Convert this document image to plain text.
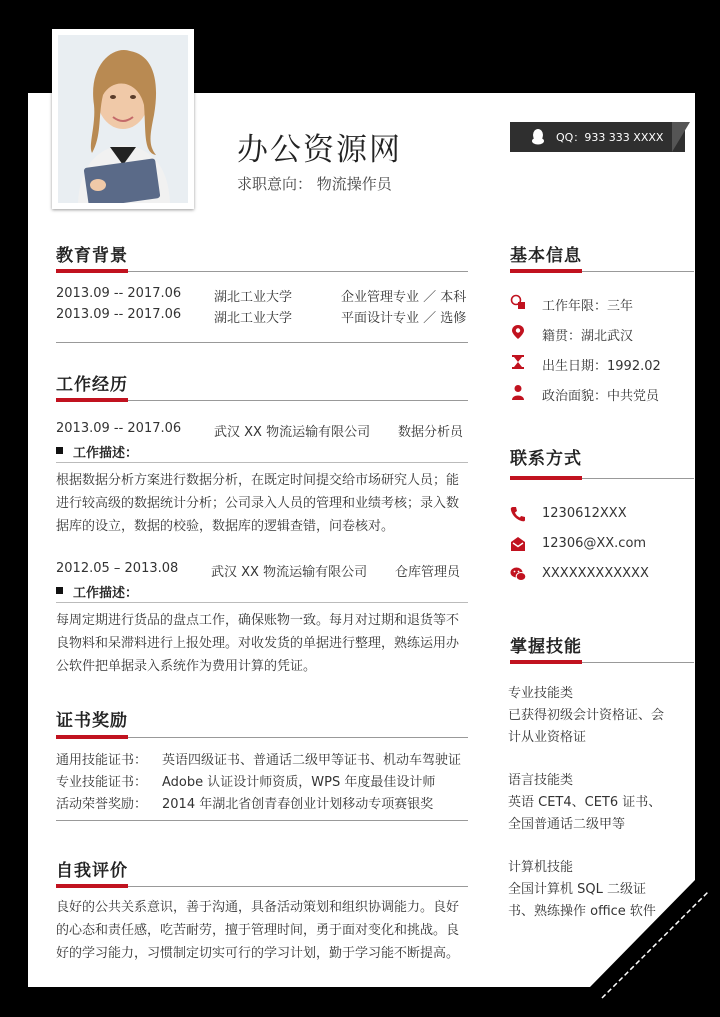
办公资源网
求职意向： 物流操作员
QQ：933 333 XXXX
教育背景
2013.09 -- 2017.06	湖北工业大学	企业管理专业 ／ 本科
2013.09 -- 2017.06	湖北工业大学	平面设计专业 ／ 选修
工作经历
2013.09 -- 2017.06	武汉 XX 物流运输有限公司 数据分析员
工作描述：
根据数据分析方案进行数据分析，在既定时间提交给市场研究人员；能
进行较高级的数据统计分析；公司录入人员的管理和业绩考核；录入数
据库的设立，数据的校验，数据库的逻辑查错，问卷核对。
2012.05 – 2013.08	武汉 XX 物流运输有限公司 仓库管理员
工作描述：
每周定期进行货品的盘点工作，确保账物一致。每月对过期和退货等不
良物料和呆滞料进行上报处理。对收发货的单据进行整理，熟练运用办
公软件把单据录入系统作为费用计算的凭证。
证书奖励
通用技能证书： 英语四级证书、普通话二级甲等证书、机动车驾驶证
专业技能证书： Adobe 认证设计师资质，WPS 年度最佳设计师
活动荣誉奖励： 2014 年湖北省创青春创业计划移动专项赛银奖
自我评价
良好的公共关系意识，善于沟通，具备活动策划和组织协调能力。良好
的心态和责任感，吃苦耐劳，擅于管理时间，勇于面对变化和挑战。良
好的学习能力，习惯制定切实可行的学习计划，勤于学习能不断提高。
基本信息
工作年限：三年
籍贯：湖北武汉
出生日期：1992.02
政治面貌：中共党员
联系方式
1230612XXX
12306@XX.com
XXXXXXXXXXXX
掌握技能
专业技能类
已获得初级会计资格证、会
计从业资格证
语言技能类
英语 CET4、CET6 证书、
全国普通话二级甲等
计算机技能
全国计算机 SQL 二级证
书、熟练操作 office 软件
